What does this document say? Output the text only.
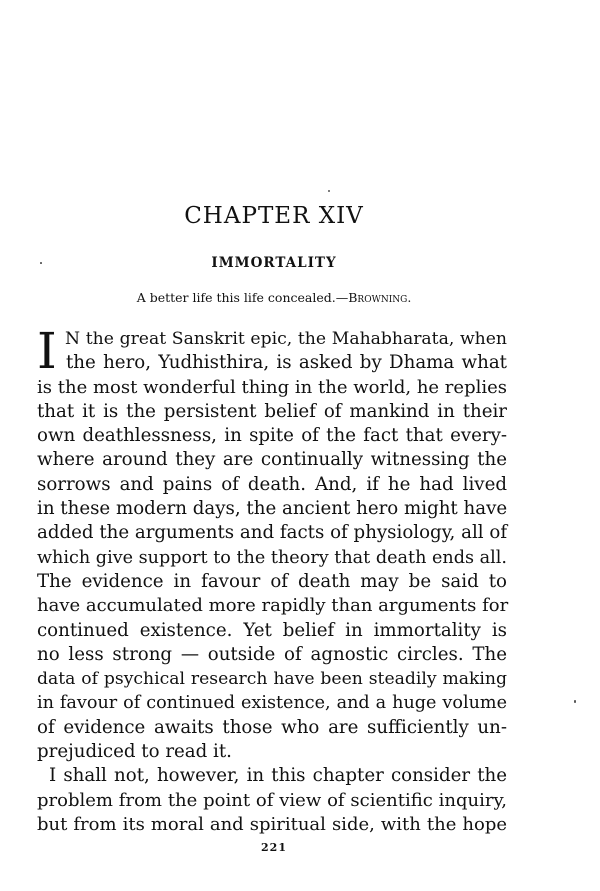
CHAPTER XIV
IMMORTALITY

A better life this life concealed.—Browning.

I N the great Sanskrit epic, the Mahabharata, when
the hero, Yudhisthira, is asked by Dhama what
is the most wonderful thing in the world, he replies
that it is the persistent belief of mankind in their
own deathlessness, in spite of the fact that every-
where around they are continually witnessing the
sorrows and pains of death. And, if he had lived
in these modern days, the ancient hero might have
added the arguments and facts of physiology, all of
which give support to the theory that death ends all.
The evidence in favour of death may be said to
have accumulated more rapidly than arguments for
continued existence. Yet belief in immortality is
no less strong — outside of agnostic circles. The
data of psychical research have been steadily making
in favour of continued existence, and a huge volume
of evidence awaits those who are sufficiently un-
prejudiced to read it.
I shall not, however, in this chapter consider the
problem from the point of view of scientific inquiry,
but from its moral and spiritual side, with the hope

221
